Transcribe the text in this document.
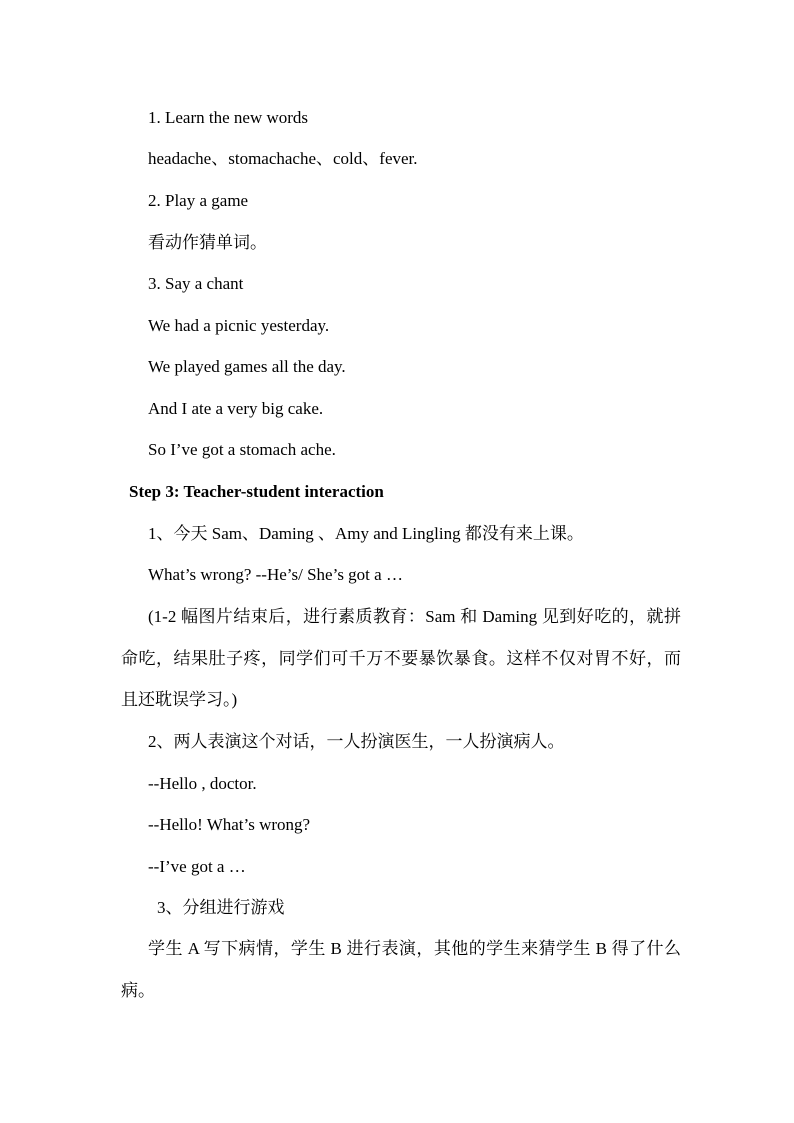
1. Learn the new words
headache、stomachache、cold、fever.
2. Play a game
看动作猜单词。
3. Say a chant
We had a picnic yesterday.
We played games all the day.
And I ate a very big cake.
So I’ve got a stomach ache.
Step 3: Teacher-student interaction
1、今天 Sam、Daming 、Amy and Lingling 都没有来上课。
What’s wrong? --He’s/ She’s got a …
(1-2 幅图片结束后，进行素质教育：Sam 和 Daming 见到好吃的，就拼命吃，结果肚子疼，同学们可千万不要暴饮暴食。这样不仅对胃不好，而且还耽误学习。)
2、两人表演这个对话，一人扮演医生，一人扮演病人。
--Hello , doctor.
--Hello! What’s wrong?
--I’ve got a …
3、分组进行游戏
学生 A 写下病情，学生 B 进行表演，其他的学生来猜学生 B 得了什么病。
